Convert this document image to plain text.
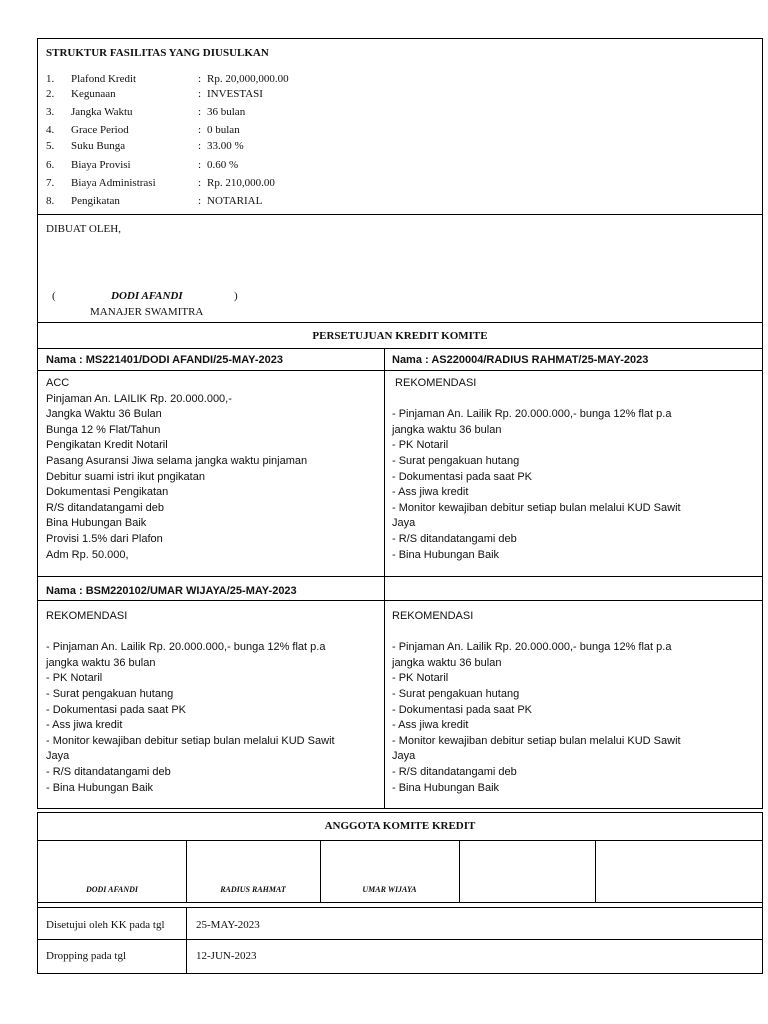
STRUKTUR FASILITAS YANG DIUSULKAN
1. Plafond Kredit	: Rp. 20,000,000.00
2. Kegunaan	: INVESTASI
3. Jangka Waktu	: 36 bulan
4. Grace Period	: 0 bulan
5. Suku Bunga	: 33.00 %
6. Biaya Provisi	: 0.60 %
7. Biaya Administrasi	: Rp. 210,000.00
8. Pengikatan	: NOTARIAL
DIBUAT OLEH,
(	DODI AFANDI	)
MANAJER SWAMITRA
PERSETUJUAN KREDIT KOMITE
Nama : MS221401/DODI AFANDI/25-MAY-2023
ACC
Pinjaman An. LAILIK Rp. 20.000.000,-
Jangka Waktu 36 Bulan
Bunga 12 % Flat/Tahun
Pengikatan Kredit Notaril
Pasang Asuransi Jiwa selama jangka waktu pinjaman
Debitur suami istri ikut pngikatan
Dokumentasi Pengikatan
R/S ditandatangami deb
Bina Hubungan Baik
Provisi 1.5% dari Plafon
Adm Rp. 50.000,
Nama : AS220004/RADIUS RAHMAT/25-MAY-2023
REKOMENDASI
- Pinjaman An. Lailik Rp. 20.000.000,- bunga 12% flat p.a
jangka waktu 36 bulan
- PK Notaril
- Surat pengakuan hutang
- Dokumentasi pada saat PK
- Ass jiwa kredit
- Monitor kewajiban debitur setiap bulan melalui KUD Sawit
Jaya
- R/S ditandatangami deb
- Bina Hubungan Baik
Nama : BSM220102/UMAR WIJAYA/25-MAY-2023
REKOMENDASI
- Pinjaman An. Lailik Rp. 20.000.000,- bunga 12% flat p.a
jangka waktu 36 bulan
- PK Notaril
- Surat pengakuan hutang
- Dokumentasi pada saat PK
- Ass jiwa kredit
- Monitor kewajiban debitur setiap bulan melalui KUD Sawit
Jaya
- R/S ditandatangami deb
- Bina Hubungan Baik
REKOMENDASI
- Pinjaman An. Lailik Rp. 20.000.000,- bunga 12% flat p.a
jangka waktu 36 bulan
- PK Notaril
- Surat pengakuan hutang
- Dokumentasi pada saat PK
- Ass jiwa kredit
- Monitor kewajiban debitur setiap bulan melalui KUD Sawit
Jaya
- R/S ditandatangami deb
- Bina Hubungan Baik
ANGGOTA KOMITE KREDIT
DODI AFANDI	RADIUS RAHMAT	UMAR WIJAYA
Disetujui oleh KK pada tgl	25-MAY-2023
Dropping pada tgl	12-JUN-2023
